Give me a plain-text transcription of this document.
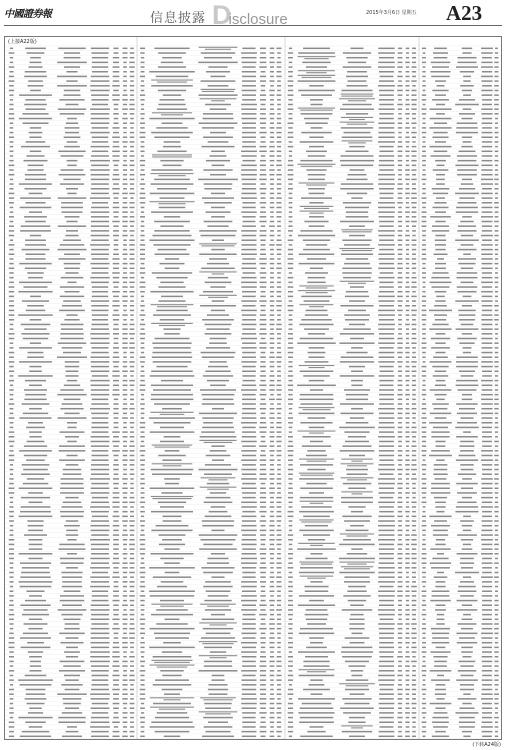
中國證券報	信息披露 Disclosure	2015年3月6日 星期五 A23
(上接A22版)
(下转A24版)
